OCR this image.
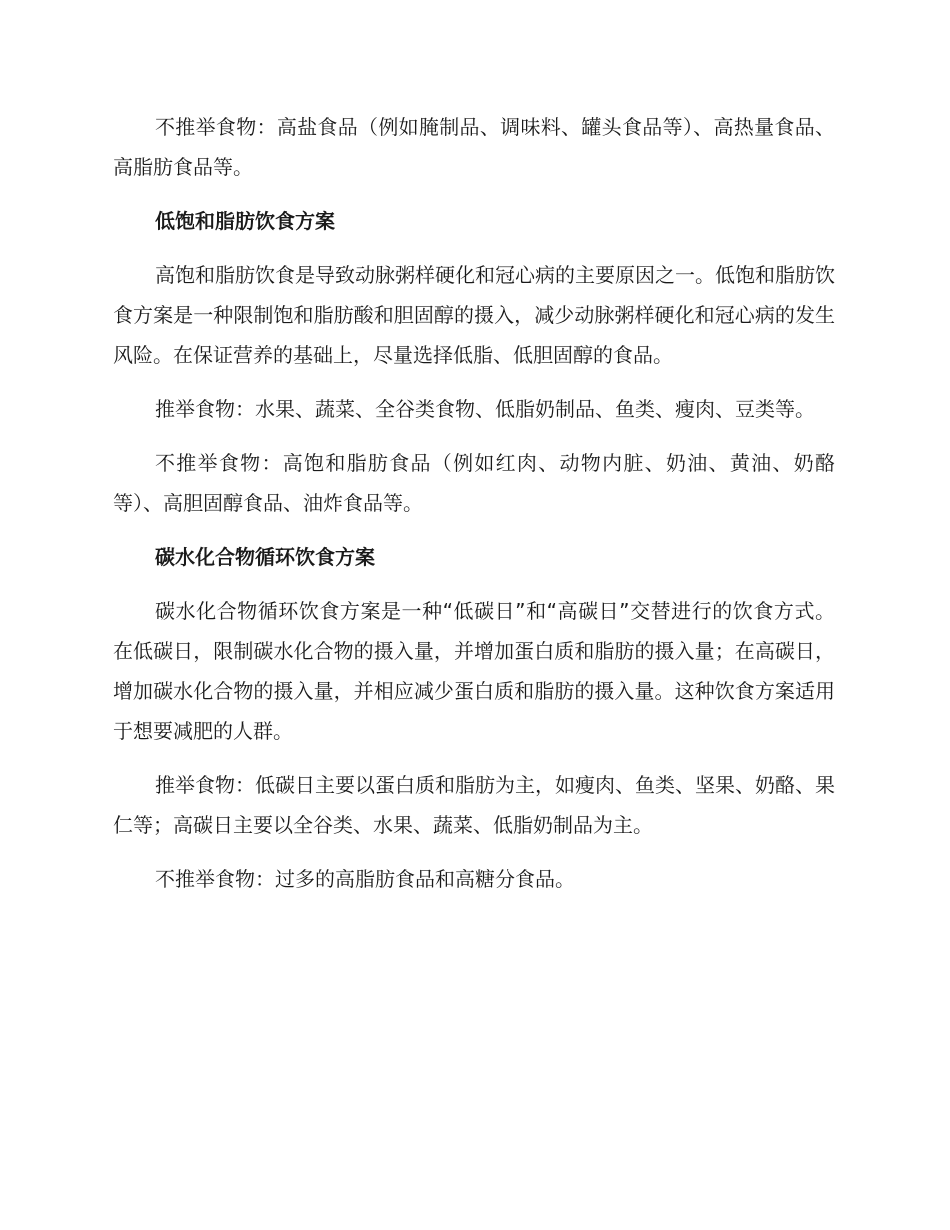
不推举食物：高盐食品（例如腌制品、调味料、罐头食品等）、高热量食品、高脂肪食品等。

低饱和脂肪饮食方案

高饱和脂肪饮食是导致动脉粥样硬化和冠心病的主要原因之一。低饱和脂肪饮食方案是一种限制饱和脂肪酸和胆固醇的摄入，减少动脉粥样硬化和冠心病的发生风险。在保证营养的基础上，尽量选择低脂、低胆固醇的食品。

推举食物：水果、蔬菜、全谷类食物、低脂奶制品、鱼类、瘦肉、豆类等。

不推举食物：高饱和脂肪食品（例如红肉、动物内脏、奶油、黄油、奶酪等）、高胆固醇食品、油炸食品等。

碳水化合物循环饮食方案

碳水化合物循环饮食方案是一种“低碳日”和“高碳日”交替进行的饮食方式。在低碳日，限制碳水化合物的摄入量，并增加蛋白质和脂肪的摄入量；在高碳日，增加碳水化合物的摄入量，并相应减少蛋白质和脂肪的摄入量。这种饮食方案适用于想要减肥的人群。

推举食物：低碳日主要以蛋白质和脂肪为主，如瘦肉、鱼类、坚果、奶酪、果仁等；高碳日主要以全谷类、水果、蔬菜、低脂奶制品为主。

不推举食物：过多的高脂肪食品和高糖分食品。
